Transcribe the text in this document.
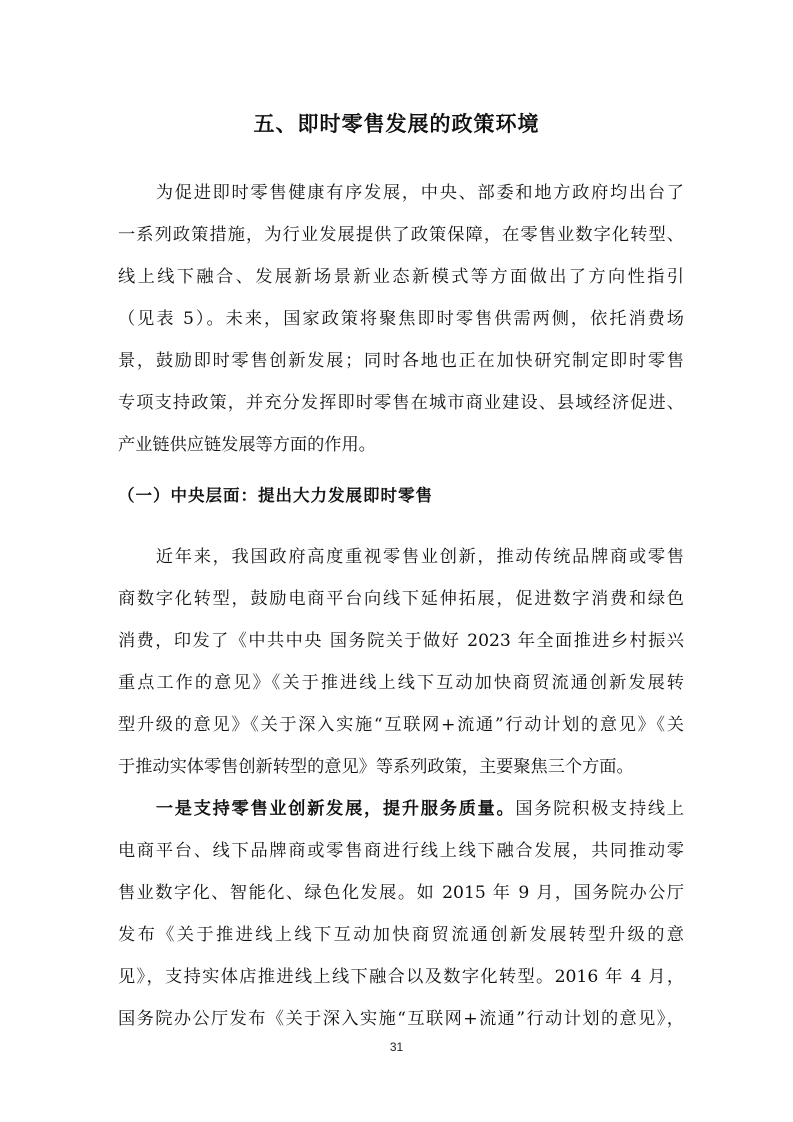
五、即时零售发展的政策环境
　　为促进即时零售健康有序发展，中央、部委和地方政府均出台了
一系列政策措施，为行业发展提供了政策保障，在零售业数字化转型、
线上线下融合、发展新场景新业态新模式等方面做出了方向性指引
（见表 5）。未来，国家政策将聚焦即时零售供需两侧，依托消费场
景，鼓励即时零售创新发展；同时各地也正在加快研究制定即时零售
专项支持政策，并充分发挥即时零售在城市商业建设、县域经济促进、
产业链供应链发展等方面的作用。
（一）中央层面：提出大力发展即时零售
　　近年来，我国政府高度重视零售业创新，推动传统品牌商或零售
商数字化转型，鼓励电商平台向线下延伸拓展，促进数字消费和绿色
消费，印发了《中共中央 国务院关于做好 2023 年全面推进乡村振兴
重点工作的意见》《关于推进线上线下互动加快商贸流通创新发展转
型升级的意见》《关于深入实施“互联网+流通”行动计划的意见》《关
于推动实体零售创新转型的意见》等系列政策，主要聚焦三个方面。
　　一是支持零售业创新发展，提升服务质量。国务院积极支持线上
电商平台、线下品牌商或零售商进行线上线下融合发展，共同推动零
售业数字化、智能化、绿色化发展。如 2015 年 9 月，国务院办公厅
发布《关于推进线上线下互动加快商贸流通创新发展转型升级的意
见》，支持实体店推进线上线下融合以及数字化转型。2016 年 4 月，
国务院办公厅发布《关于深入实施“互联网+流通”行动计划的意见》，
31
